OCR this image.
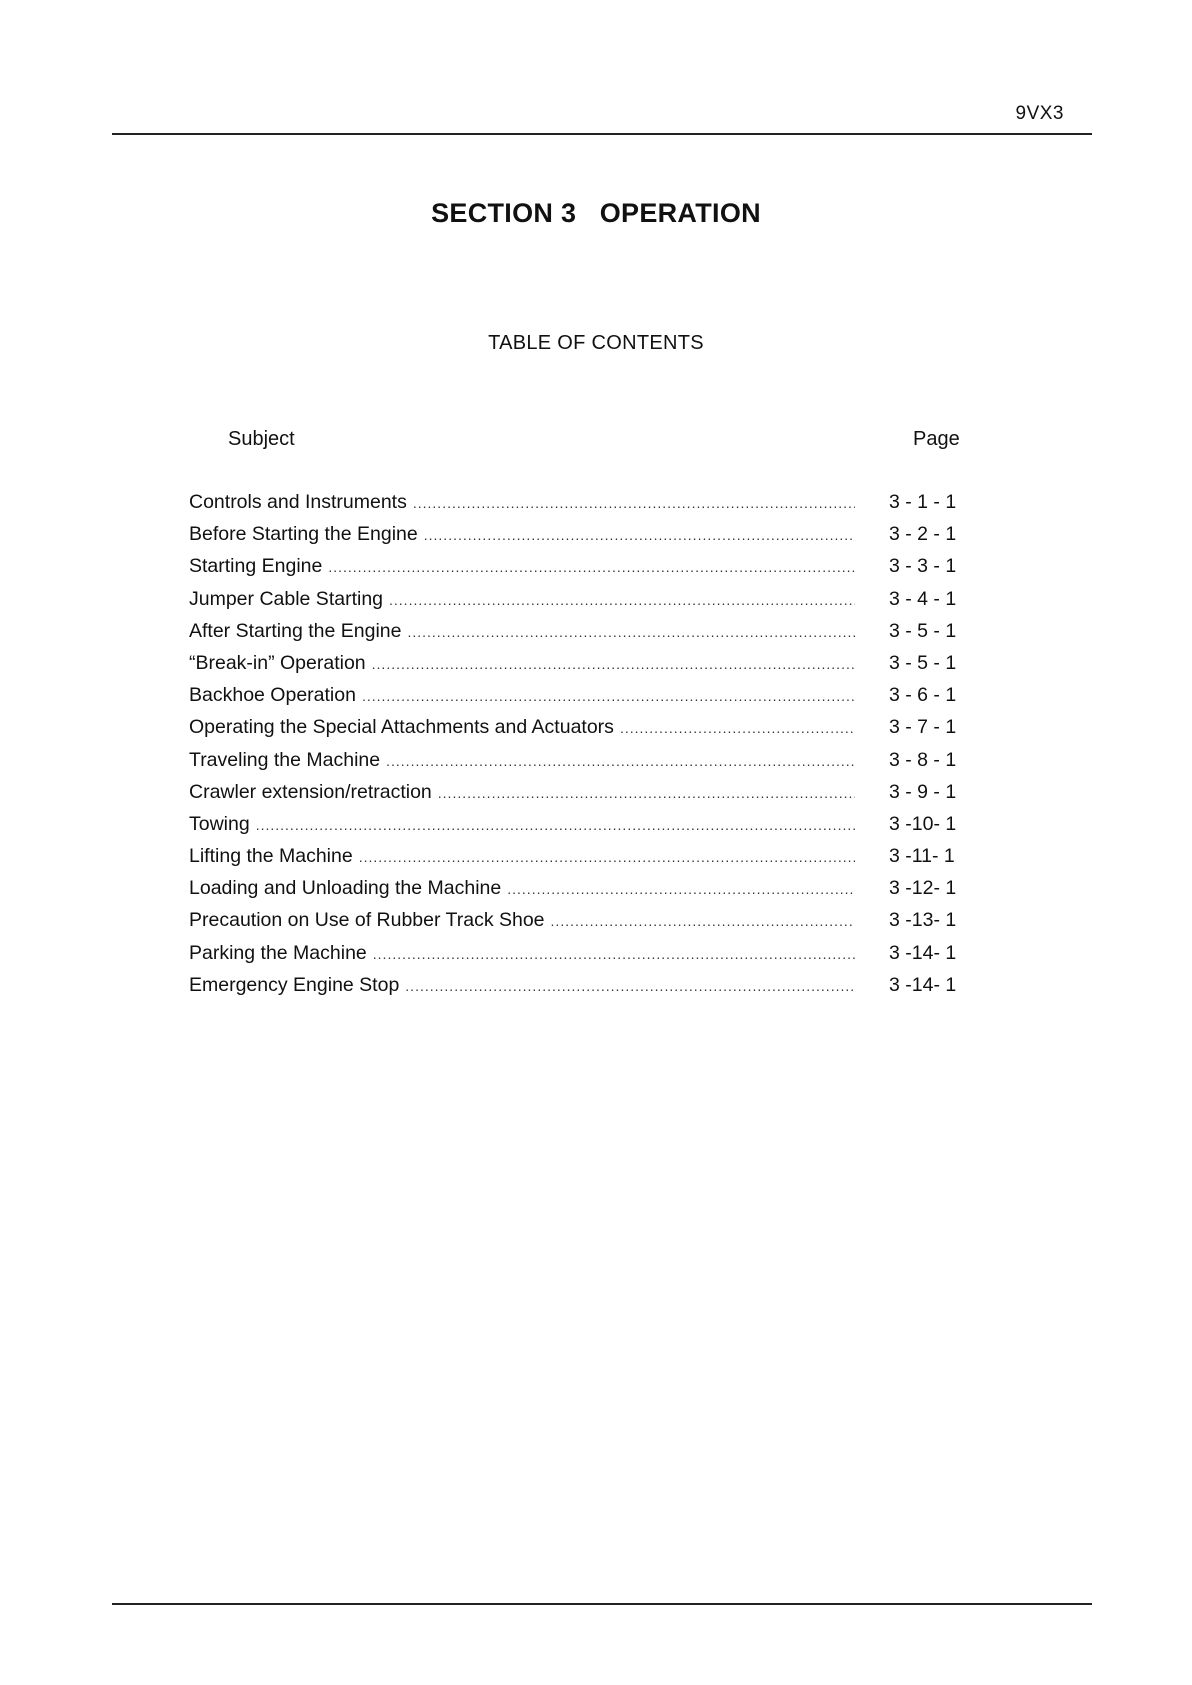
9VX3
SECTION 3   OPERATION
TABLE OF CONTENTS
Subject	Page
Controls and Instruments .....	3 - 1 - 1
Before Starting the Engine .....	3 - 2 - 1
Starting Engine .....	3 - 3 - 1
Jumper Cable Starting .....	3 - 4 - 1
After Starting the Engine .....	3 - 5 - 1
“Break-in” Operation .....	3 - 5 - 1
Backhoe Operation .....	3 - 6 - 1
Operating the Special Attachments and Actuators .....	3 - 7 - 1
Traveling the Machine .....	3 - 8 - 1
Crawler extension/retraction .....	3 - 9 - 1
Towing .....	3 -10- 1
Lifting the Machine .....	3 -11- 1
Loading and Unloading the Machine .....	3 -12- 1
Precaution on Use of Rubber Track Shoe .....	3 -13- 1
Parking the Machine .....	3 -14- 1
Emergency Engine Stop .....	3 -14- 1
